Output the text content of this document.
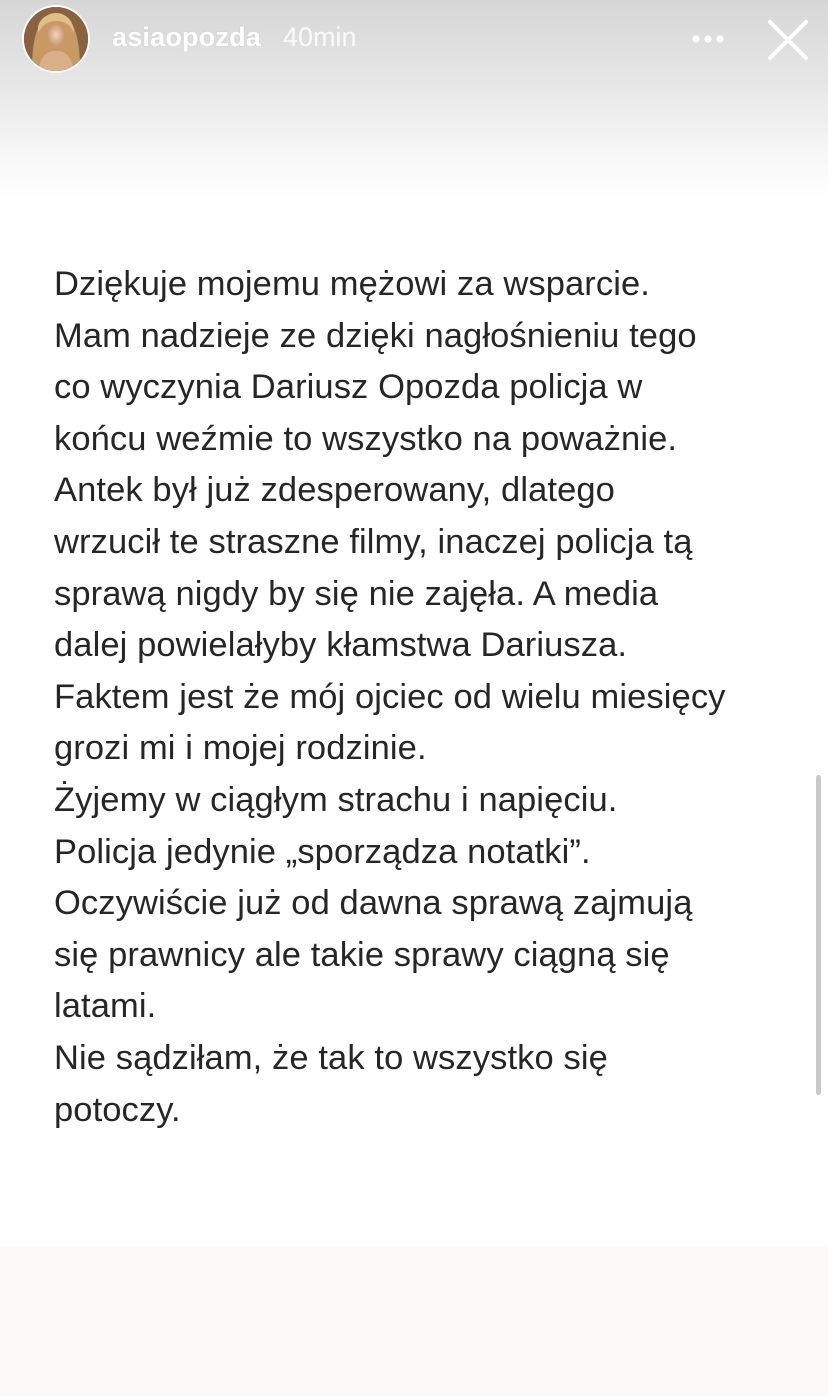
asiaopozda 40min
Dziękuje mojemu mężowi za wsparcie.
Mam nadzieje ze dzięki nagłośnieniu tego
co wyczynia Dariusz Opozda policja w
końcu weźmie to wszystko na poważnie.
Antek był już zdesperowany, dlatego
wrzucił te straszne filmy, inaczej policja tą
sprawą nigdy by się nie zajęła. A media
dalej powielałyby kłamstwa Dariusza.
Faktem jest że mój ojciec od wielu miesięcy
grozi mi i mojej rodzinie.
Żyjemy w ciągłym strachu i napięciu.
Policja jedynie „sporządza notatki”.
Oczywiście już od dawna sprawą zajmują
się prawnicy ale takie sprawy ciągną się
latami.
Nie sądziłam, że tak to wszystko się
potoczy.
